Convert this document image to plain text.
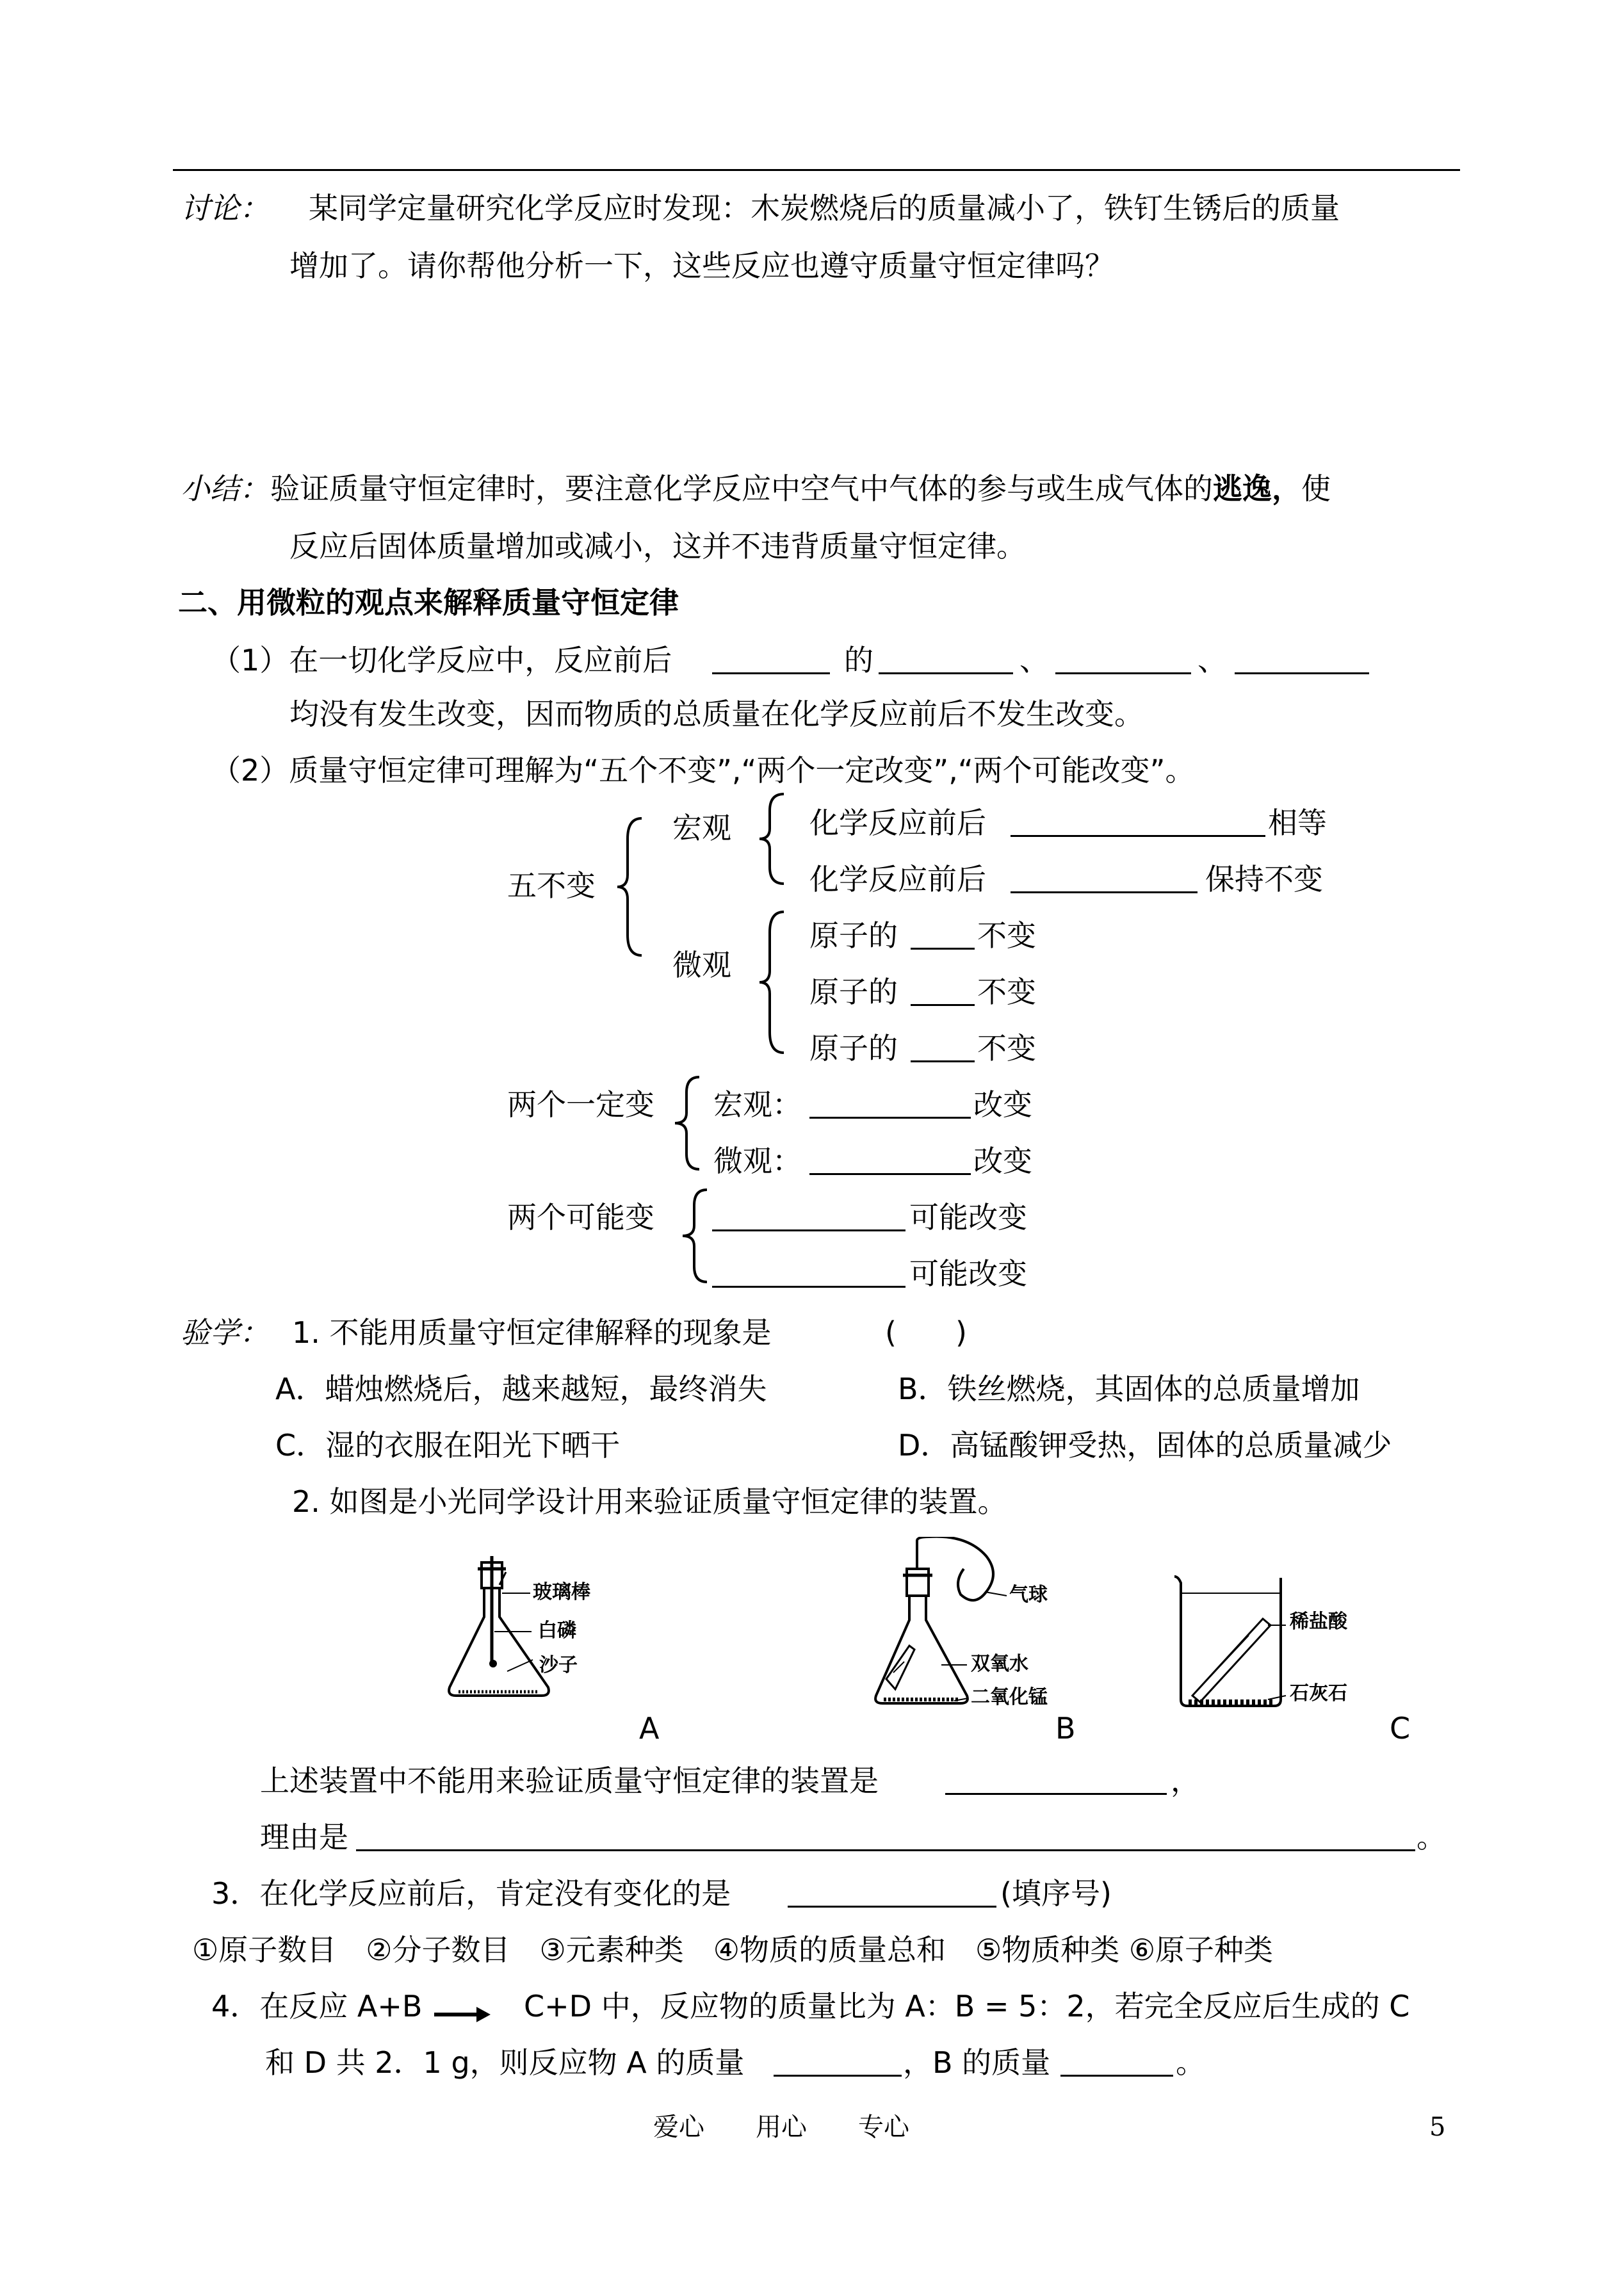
讨论： 某同学定量研究化学反应时发现：木炭燃烧后的质量减小了，铁钉生锈后的质量
增加了。请你帮他分析一下，这些反应也遵守质量守恒定律吗？
小结： 验证质量守恒定律时，要注意化学反应中空气中气体的参与或生成气体的逃逸，使
反应后固体质量增加或减小，这并不违背质量守恒定律。
二、用微粒的观点来解释质量守恒定律
（1）在一切化学反应中，反应前后	的	、	、
均没有发生改变，因而物质的总质量在化学反应前后不发生改变。
（2）质量守恒定律可理解为“五个不变”,“两个一定改变”,“两个可能改变”。
五不变
宏观
微观
化学反应前后	相等
化学反应前后	保持不变
原子的	不变
原子的	不变
原子的	不变
两个一定变 宏观：	改变
微观：	改变
两个可能变	可能改变
可能改变
验学： 1. 不能用质量守恒定律解释的现象是	(　　)
A．蜡烛燃烧后，越来越短，最终消失	B．铁丝燃烧，其固体的总质量增加
C．湿的衣服在阳光下晒干	D．高锰酸钾受热，固体的总质量减少
2. 如图是小光同学设计用来验证质量守恒定律的装置。
玻璃棒
白磷
沙子
A
气球
双氧水
二氧化锰
B
稀盐酸
石灰石
C
上述装置中不能用来验证质量守恒定律的装置是	，
理由是	。
3．在化学反应前后，肯定没有变化的是	(填序号)
①原子数目　②分子数目　③元素种类　④物质的质量总和　⑤物质种类 ⑥原子种类
4．在反应 A+B	C+D 中，反应物的质量比为 A：B = 5：2，若完全反应后生成的 C
和 D 共 2．1 g，则反应物 A 的质量	，B 的质量	。
爱心　　用心　　专心	5
